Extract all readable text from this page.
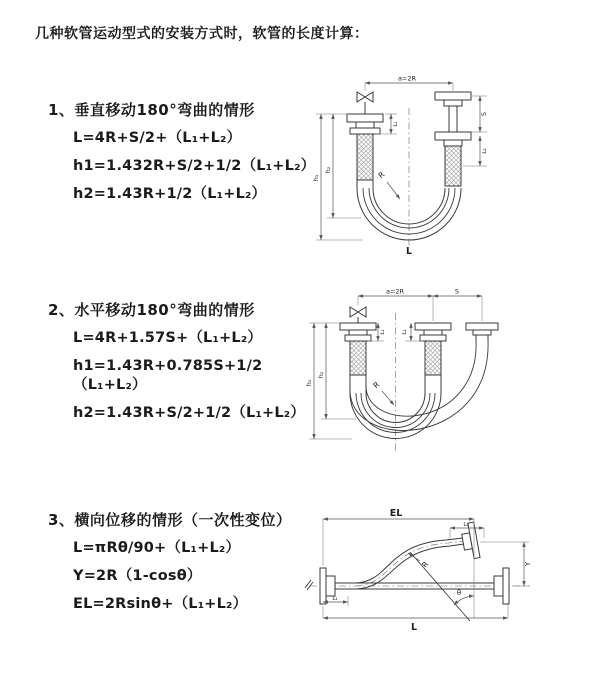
几种软管运动型式的安装方式时，软管的长度计算：
1、垂直移动180°弯曲的情形
L=4R+S/2+（L₁+L₂）
h1=1.432R+S/2+1/2（L₁+L₂）
h2=1.43R+1/2（L₁+L₂）
2、水平移动180°弯曲的情形
L=4R+1.57S+（L₁+L₂）
h1=1.43R+0.785S+1/2（L₁+L₂）
h2=1.43R+S/2+1/2（L₁+L₂）
3、横向位移的情形（一次性变位）
L=πRθ/90+（L₁+L₂）
Y=2R（1-cosθ）
EL=2Rsinθ+（L₁+L₂）
a=2R
h₁
h₂
L₁
S
L₂
R
L
a=2R	S
h₁
h₂
L₁	L₂
R
EL
L₂
Y
L₁
L
R
θ
